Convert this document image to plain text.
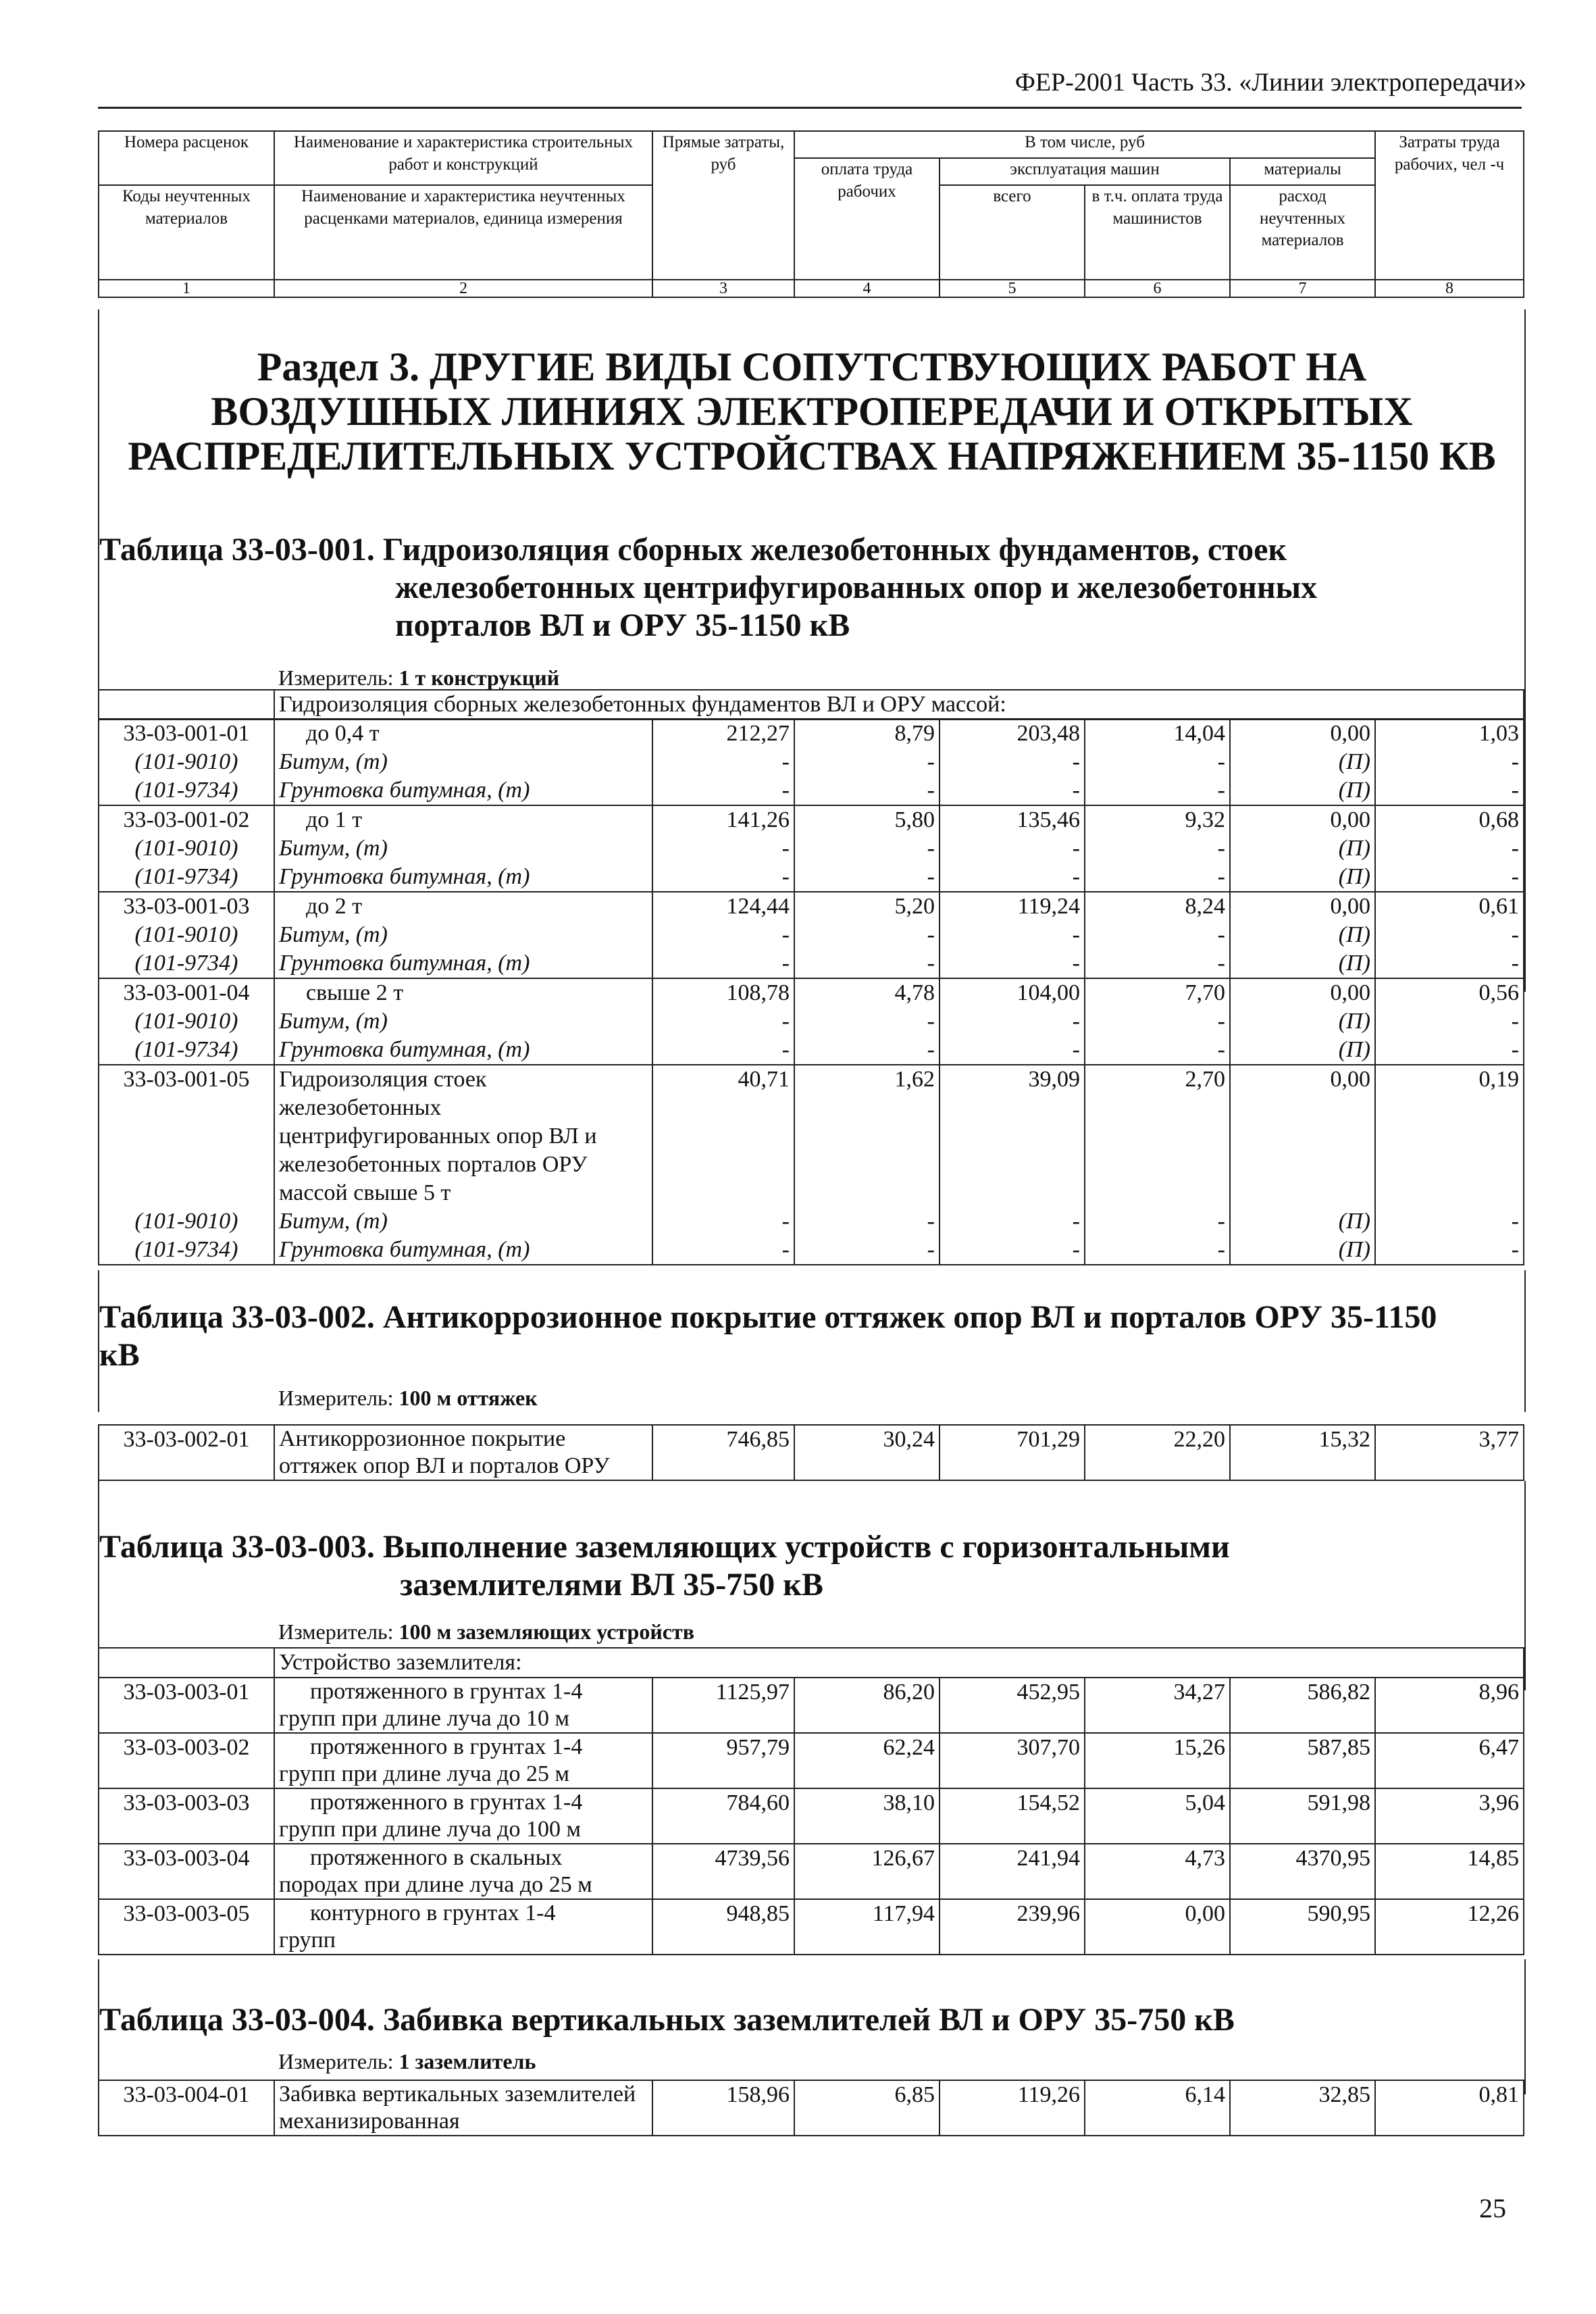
ФЕР-2001 Часть 33. «Линии электропередачи»
Номера расценок	Наименование и характеристика строительных работ и конструкций	Прямые затраты, руб	В том числе, руб				Затраты труда рабочих, чел -ч
			оплата труда рабочих	эксплуатация машин		материалы	
Коды неучтенных материалов	Наименование и характеристика неучтенных расценками материалов, единица измерения			всего	в т.ч. оплата труда машинистов	расход неучтенных материалов	

1	2	3	4	5	6	7	8
Раздел 3. ДРУГИЕ ВИДЫ СОПУТСТВУЮЩИХ РАБОТ НА ВОЗДУШНЫХ ЛИНИЯХ ЭЛЕКТРОПЕРЕДАЧИ И ОТКРЫТЫХ РАСПРЕДЕЛИТЕЛЬНЫХ УСТРОЙСТВАХ НАПРЯЖЕНИЕМ 35-1150 КВ
Таблица 33-03-001. Гидроизоляция сборных железобетонных фундаментов, стоек
железобетонных центрифугированных опор и железобетонных
порталов ВЛ и ОРУ 35-1150 кВ
Измеритель: 1 т конструкций
	Гидроизоляция сборных железобетонных фундаментов ВЛ и ОРУ массой:
33-03-001-01	до 0,4 т	212,27	8,79	203,48	14,04	0,00	1,03
(101-9010)	Битум, (т)	-	-	-	-	(П)	-
(101-9734)	Грунтовка битумная, (т)	-	-	-	-	(П)	-
33-03-001-02	до 1 т	141,26	5,80	135,46	9,32	0,00	0,68
(101-9010)	Битум, (т)	-	-	-	-	(П)	-
(101-9734)	Грунтовка битумная, (т)	-	-	-	-	(П)	-
33-03-001-03	до 2 т	124,44	5,20	119,24	8,24	0,00	0,61
(101-9010)	Битум, (т)	-	-	-	-	(П)	-
(101-9734)	Грунтовка битумная, (т)	-	-	-	-	(П)	-
33-03-001-04	свыше 2 т	108,78	4,78	104,00	7,70	0,00	0,56
(101-9010)	Битум, (т)	-	-	-	-	(П)	-
(101-9734)	Грунтовка битумная, (т)	-	-	-	-	(П)	-
33-03-001-05	Гидроизоляция стоек железобетонных центрифугированных опор ВЛ и железобетонных порталов ОРУ массой свыше 5 т	40,71	1,62	39,09	2,70	0,00	0,19
(101-9010)	Битум, (т)	-	-	-	-	(П)	-
(101-9734)	Грунтовка битумная, (т)	-	-	-	-	(П)	-
Таблица 33-03-002. Антикоррозионное покрытие оттяжек опор ВЛ и порталов ОРУ 35-1150
кВ
Измеритель: 100 м оттяжек
33-03-002-01	Антикоррозионное покрытие оттяжек опор ВЛ и порталов ОРУ	746,85	30,24	701,29	22,20	15,32	3,77
Таблица 33-03-003. Выполнение заземляющих устройств с горизонтальными
заземлителями ВЛ 35-750 кВ
Измеритель: 100 м заземляющих устройств
	Устройство заземлителя:						
33-03-003-01	протяженного в грунтах 1-4
групп при длине луча до 10 м	1125,97	86,20	452,95	34,27	586,82	8,96
33-03-003-02	протяженного в грунтах 1-4
групп при длине луча до 25 м	957,79	62,24	307,70	15,26	587,85	6,47
33-03-003-03	протяженного в грунтах 1-4
групп при длине луча до 100 м	784,60	38,10	154,52	5,04	591,98	3,96
33-03-003-04	протяженного в скальных
породах при длине луча до 25 м	4739,56	126,67	241,94	4,73	4370,95	14,85
33-03-003-05	контурного в грунтах 1-4
групп	948,85	117,94	239,96	0,00	590,95	12,26
Таблица 33-03-004. Забивка вертикальных заземлителей ВЛ и ОРУ 35-750 кВ
Измеритель: 1 заземлитель
33-03-004-01	Забивка вертикальных заземлителей механизированная	158,96	6,85	119,26	6,14	32,85	0,81
25
